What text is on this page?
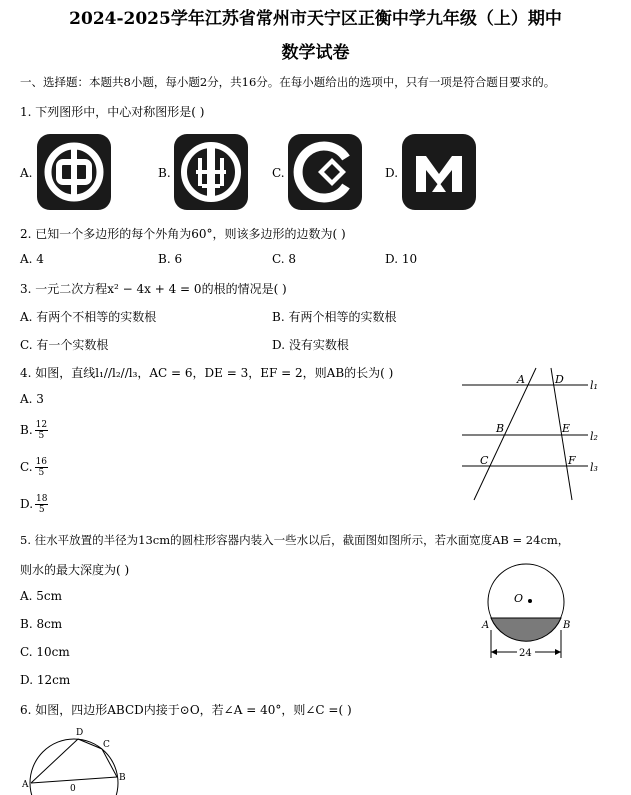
2024-2025学年江苏省常州市天宁区正衡中学九年级（上）期中
数学试卷
一、选择题：本题共8小题，每小题2分，共16分。在每小题给出的选项中，只有一项是符合题目要求的。
1. 下列图形中，中心对称图形是( )
A.	B.	C.	D.
2. 已知一个多边形的每个外角为60°，则该多边形的边数为( )
A. 4	B. 6	C. 8	D. 10
3. 一元二次方程x² − 4x + 4 = 0的根的情况是( )
A. 有两个不相等的实数根	B. 有两个相等的实数根
C. 有一个实数根	D. 没有实数根
4. 如图，直线l₁//l₂//l₃，AC = 6，DE = 3，EF = 2，则AB的长为( )
A. 3
B. $\frac{12}{5}$
C. $\frac{16}{5}$
D. $\frac{18}{5}$
A	D l₁
B	E
l₂
C	F
l₃
5. 往水平放置的半径为13cm的圆柱形容器内装入一些水以后，截面图如图所示，若水面宽度AB = 24cm，
则水的最大深度为( )
A. 5cm
B. 8cm
C. 10cm
D. 12cm
O
A	B
24
6. 如图，四边形ABCD内接于⊙O，若∠A = 40°，则∠C =( )
D
C
A
B
0
